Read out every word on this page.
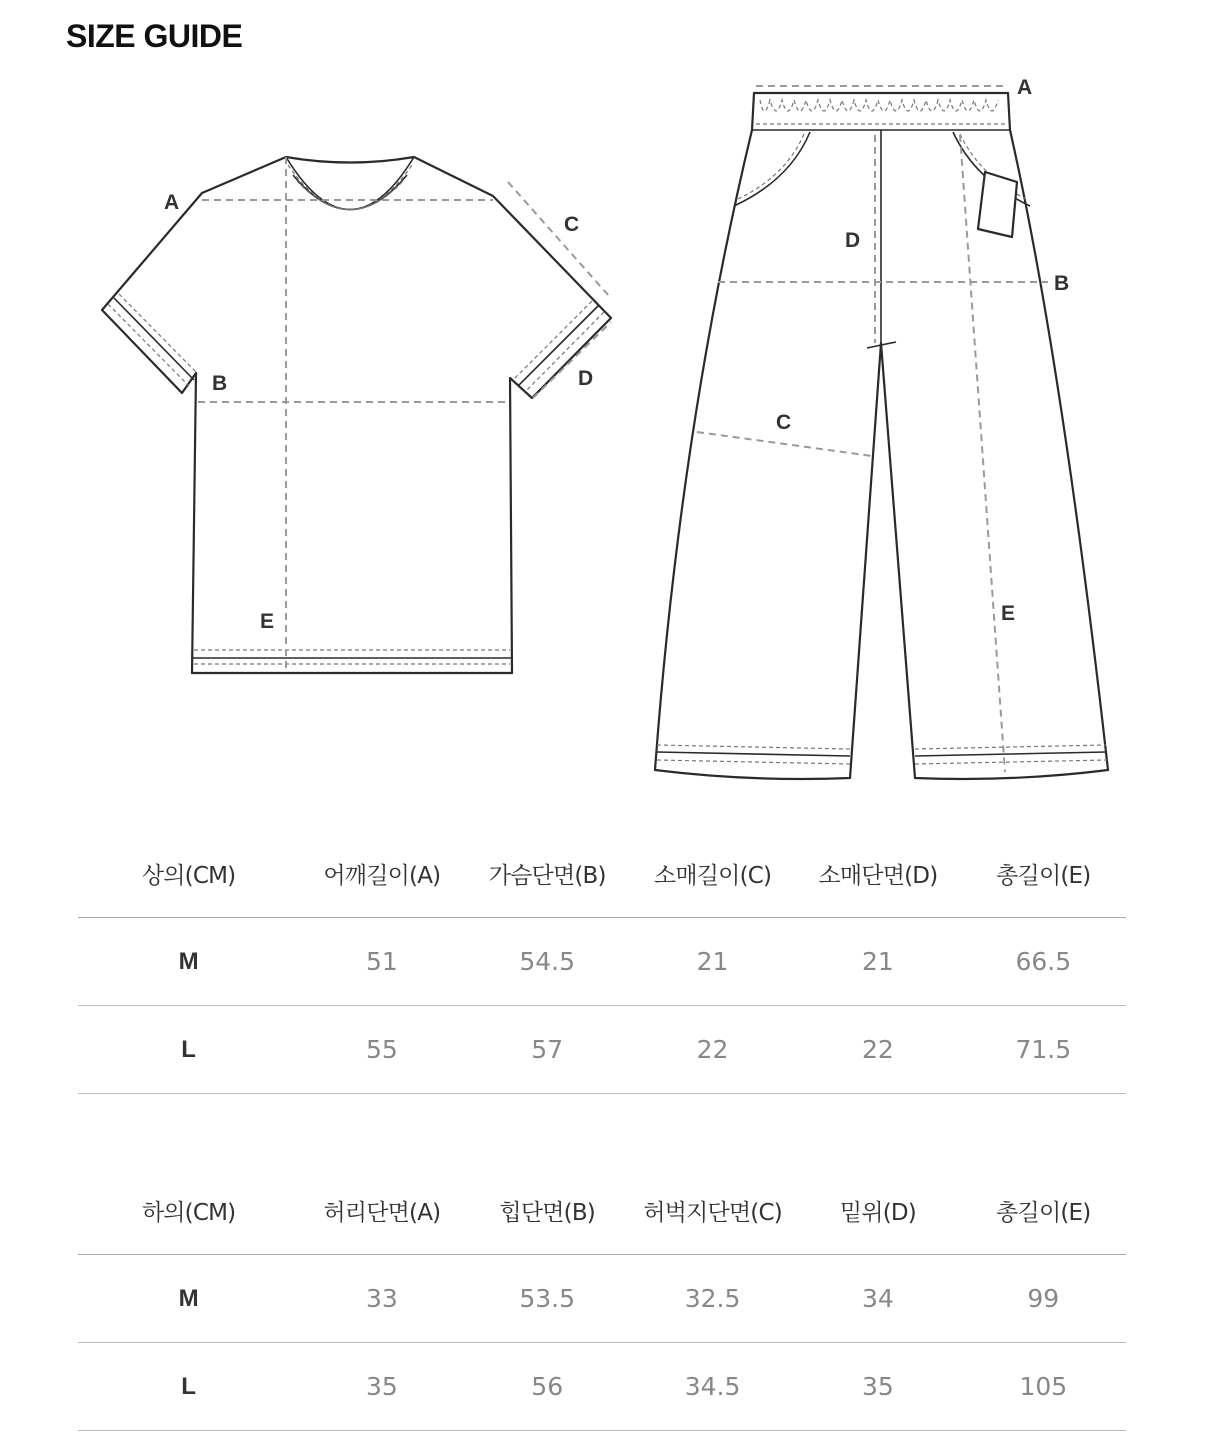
SIZE GUIDE
A
B
C
D
E
A
B
C
D
E
상의(CM)	어깨길이(A)	가슴단면(B)	소매길이(C)	소매단면(D)	총길이(E)
M	51	54.5	21	21	66.5
L	55	57	22	22	71.5
하의(CM)	허리단면(A)	힙단면(B)	허벅지단면(C)	밑위(D)	총길이(E)
M	33	53.5	32.5	34	99
L	35	56	34.5	35	105
